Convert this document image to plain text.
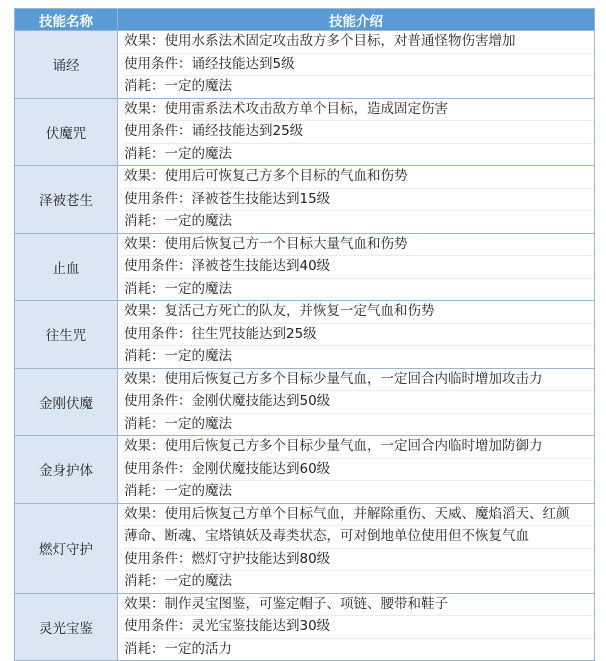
技能名称	技能介绍
诵经	效果：使用水系法术固定攻击敌方多个目标，对普通怪物伤害增加
使用条件：诵经技能达到5级
消耗：一定的魔法

伏魔咒	效果：使用雷系法术攻击敌方单个目标，造成固定伤害
使用条件：诵经技能达到25级
消耗：一定的魔法

泽被苍生	效果：使用后可恢复己方多个目标的气血和伤势
使用条件：泽被苍生技能达到15级
消耗：一定的魔法

止血	效果：使用后恢复己方一个目标大量气血和伤势
使用条件：泽被苍生技能达到40级
消耗：一定的魔法

往生咒	效果：复活己方死亡的队友，并恢复一定气血和伤势
使用条件：往生咒技能达到25级
消耗：一定的魔法

金刚伏魔	效果：使用后恢复己方多个目标少量气血，一定回合内临时增加攻击力
使用条件：金刚伏魔技能达到50级
消耗：一定的魔法

金身护体	效果：使用后恢复己方多个目标少量气血，一定回合内临时增加防御力
使用条件：金刚伏魔技能达到60级
消耗：一定的魔法

燃灯守护	效果：使用后恢复己方单个目标气血，并解除重伤、天威、魔焰滔天、红颜
薄命、断魂、宝塔镇妖及毒类状态，可对倒地单位使用但不恢复气血
使用条件：燃灯守护技能达到80级
消耗：一定的魔法

灵光宝鉴	效果：制作灵宝图鉴，可鉴定帽子、项链、腰带和鞋子
使用条件：灵光宝鉴技能达到30级
消耗：一定的活力
